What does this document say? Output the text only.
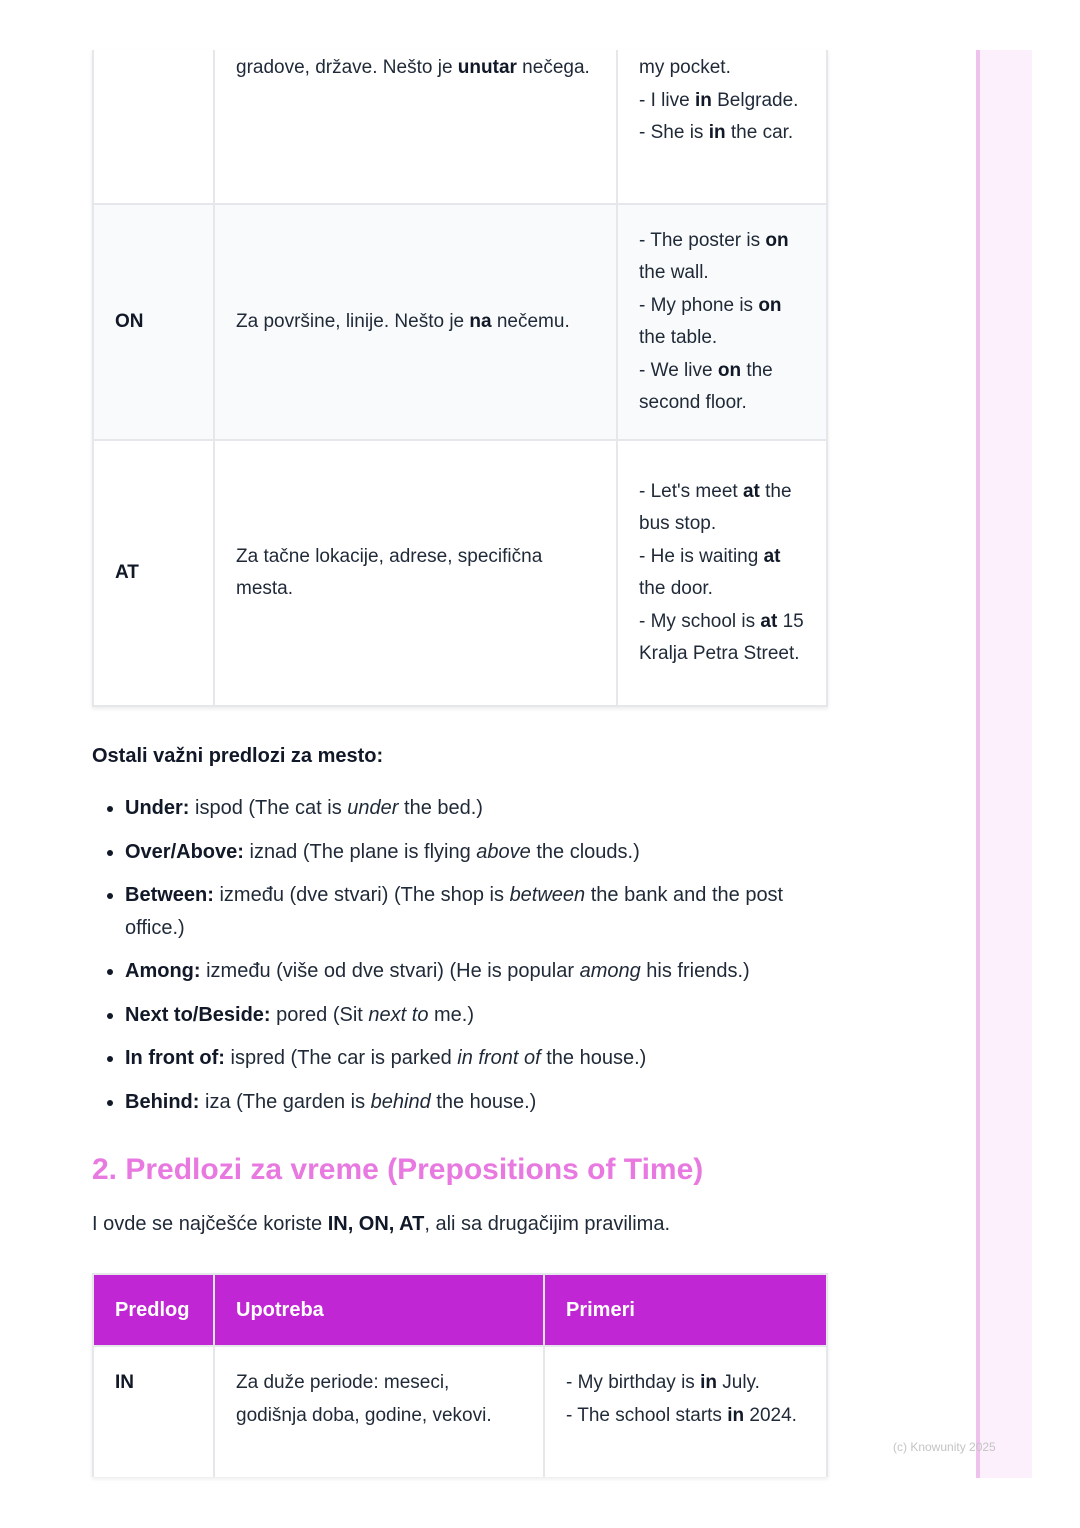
	gradove, države. Nešto je unutar nečega.	my pocket.
- I live in Belgrade.
- She is in the car.

ON	Za površine, linije. Nešto je na nečemu.	- The poster is on the wall.
- My phone is on the table.
- We live on the second floor.

AT	Za tačne lokacije, adrese, specifična mesta.	- Let's meet at the bus stop.
- He is waiting at the door.
- My school is at 15 Kralja Petra Street.
Ostali važni predlozi za mesto:
• Under: ispod (The cat is under the bed.)
• Over/Above: iznad (The plane is flying above the clouds.)
• Between: između (dve stvari) (The shop is between the bank and the post office.)
• Among: između (više od dve stvari) (He is popular among his friends.)
• Next to/Beside: pored (Sit next to me.)
• In front of: ispred (The car is parked in front of the house.)
• Behind: iza (The garden is behind the house.)
2. Predlozi za vreme (Prepositions of Time)
I ovde se najčešće koriste IN, ON, AT, ali sa drugačijim pravilima.
Predlog	Upotreba	Primeri
IN	Za duže periode: meseci, godišnja doba, godine, vekovi.	- My birthday is in July.
- The school starts in 2024.
(c) Knowunity 2025
